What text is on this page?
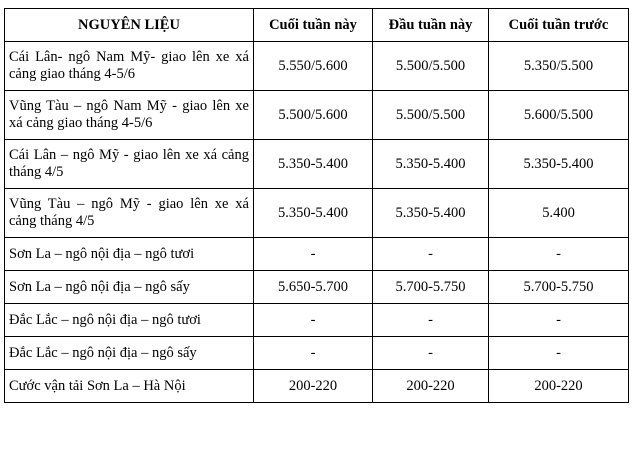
NGUYÊN LIỆU	Cuối tuần này	Đầu tuần này	Cuối tuần trước
Cái Lân- ngô Nam Mỹ- giao lên xe xá cảng giao tháng 4-5/6	5.550/5.600	5.500/5.500	5.350/5.500
Vũng Tàu – ngô Nam Mỹ - giao lên xe xá cảng giao tháng 4-5/6	5.500/5.600	5.500/5.500	5.600/5.500
Cái Lân – ngô Mỹ - giao lên xe xá cảng tháng 4/5	5.350-5.400	5.350-5.400	5.350-5.400
Vũng Tàu – ngô Mỹ - giao lên xe xá cảng tháng 4/5	5.350-5.400	5.350-5.400	5.400
Sơn La – ngô nội địa – ngô tươi	-	-	-
Sơn La – ngô nội địa – ngô sấy	5.650-5.700	5.700-5.750	5.700-5.750
Đắc Lắc – ngô nội địa – ngô tươi	-	-	-
Đắc Lắc – ngô nội địa – ngô sấy	-	-	-
Cước vận tải Sơn La – Hà Nội	200-220	200-220	200-220
